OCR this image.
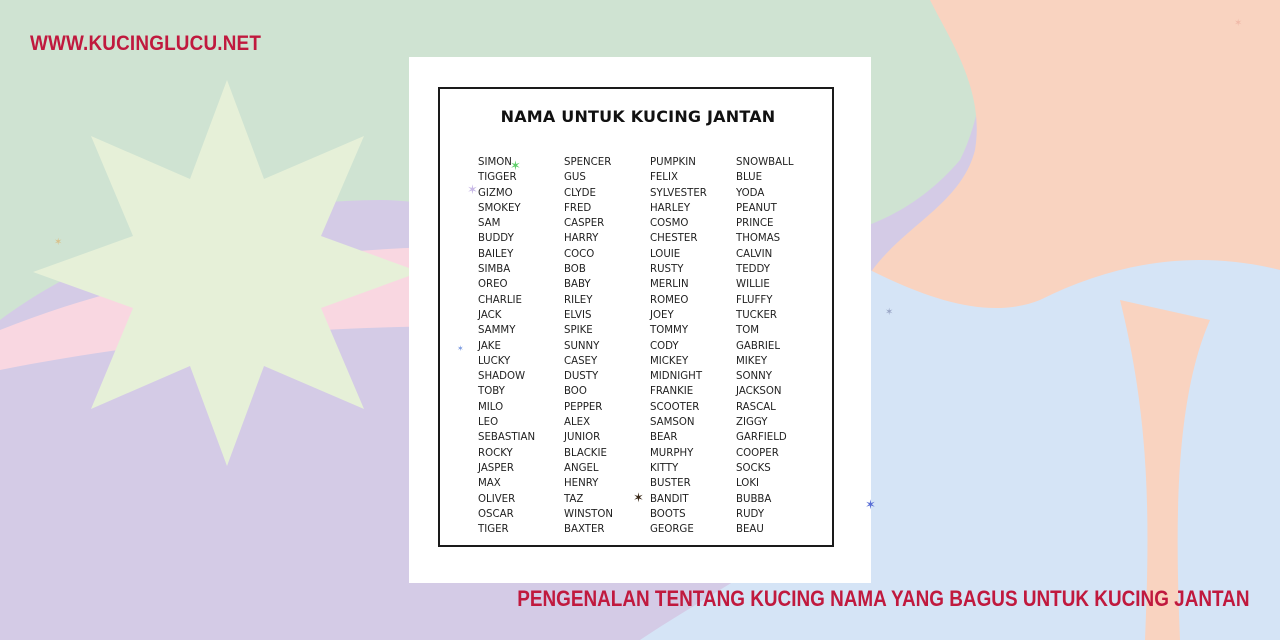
WWW.KUCINGLUCU.NET
NAMA UNTUK KUCING JANTAN
SIMON	SPENCER	PUMPKIN	SNOWBALL
TIGGER	GUS	FELIX	BLUE
GIZMO	CLYDE	SYLVESTER	YODA
SMOKEY	FRED	HARLEY	PEANUT
SAM	CASPER	COSMO	PRINCE
BUDDY	HARRY	CHESTER	THOMAS
BAILEY	COCO	LOUIE	CALVIN
SIMBA	BOB	RUSTY	TEDDY
OREO	BABY	MERLIN	WILLIE
CHARLIE	RILEY	ROMEO	FLUFFY
JACK	ELVIS	JOEY	TUCKER
SAMMY	SPIKE	TOMMY	TOM
JAKE	SUNNY	CODY	GABRIEL
LUCKY	CASEY	MICKEY	MIKEY
SHADOW	DUSTY	MIDNIGHT	SONNY
TOBY	BOO	FRANKIE	JACKSON
MILO	PEPPER	SCOOTER	RASCAL
LEO	ALEX	SAMSON	ZIGGY
SEBASTIAN	JUNIOR	BEAR	GARFIELD
ROCKY	BLACKIE	MURPHY	COOPER
JASPER	ANGEL	KITTY	SOCKS
MAX	HENRY	BUSTER	LOKI
OLIVER	TAZ	BANDIT	BUBBA
OSCAR	WINSTON	BOOTS	RUDY
TIGER	BAXTER	GEORGE	BEAU
✶
✶
✶	✶
✶
✶
✶
✶
PENGENALAN TENTANG KUCING NAMA YANG BAGUS UNTUK KUCING JANTAN
